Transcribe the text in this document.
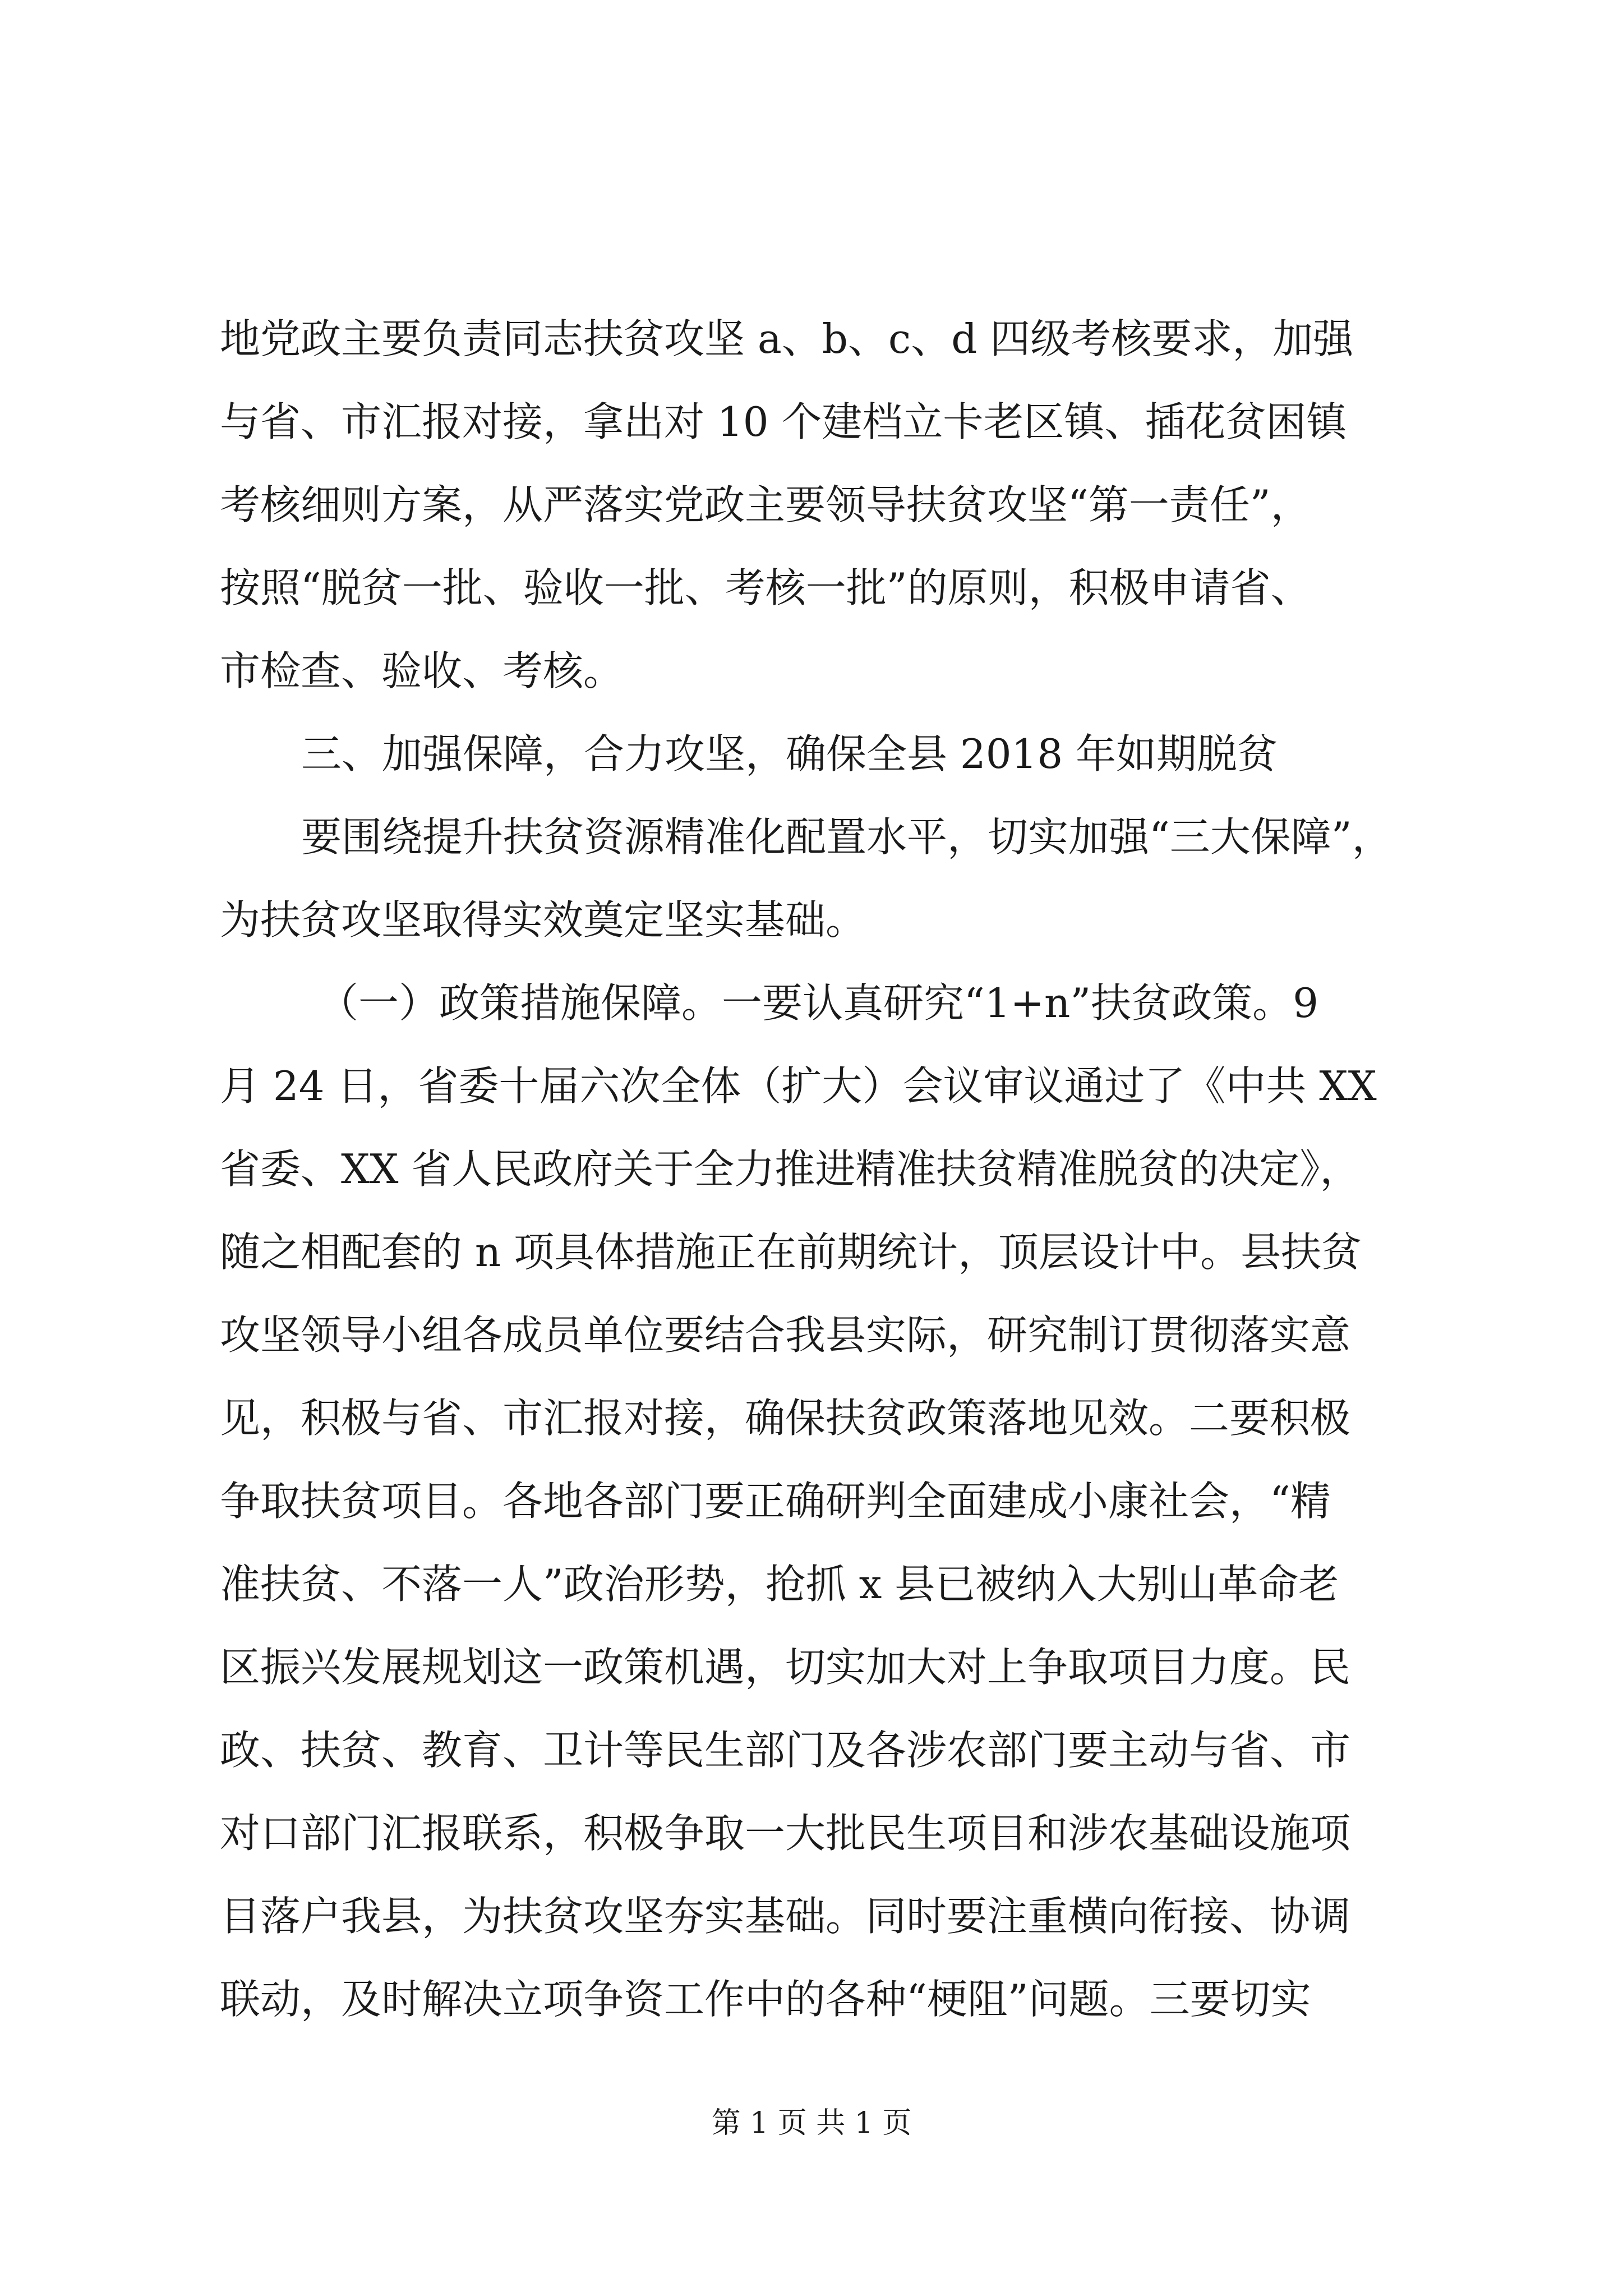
地党政主要负责同志扶贫攻坚 a、b、c、d 四级考核要求，加强
与省、市汇报对接，拿出对 10 个建档立卡老区镇、插花贫困镇
考核细则方案，从严落实党政主要领导扶贫攻坚“第一责任”，
按照“脱贫一批、验收一批、考核一批”的原则，积极申请省、
市检查、验收、考核。
三、加强保障，合力攻坚，确保全县 2018 年如期脱贫
要围绕提升扶贫资源精准化配置水平，切实加强“三大保障”，
为扶贫攻坚取得实效奠定坚实基础。
（一）政策措施保障。一要认真研究“1+n”扶贫政策。9
月 24 日，省委十届六次全体（扩大）会议审议通过了《中共 XX
省委、XX 省人民政府关于全力推进精准扶贫精准脱贫的决定》，
随之相配套的 n 项具体措施正在前期统计，顶层设计中。县扶贫
攻坚领导小组各成员单位要结合我县实际，研究制订贯彻落实意
见，积极与省、市汇报对接，确保扶贫政策落地见效。二要积极
争取扶贫项目。各地各部门要正确研判全面建成小康社会，“精
准扶贫、不落一人”政治形势，抢抓 x 县已被纳入大别山革命老
区振兴发展规划这一政策机遇，切实加大对上争取项目力度。民
政、扶贫、教育、卫计等民生部门及各涉农部门要主动与省、市
对口部门汇报联系，积极争取一大批民生项目和涉农基础设施项
目落户我县，为扶贫攻坚夯实基础。同时要注重横向衔接、协调
联动，及时解决立项争资工作中的各种“梗阻”问题。三要切实
第 1 页 共 1 页
